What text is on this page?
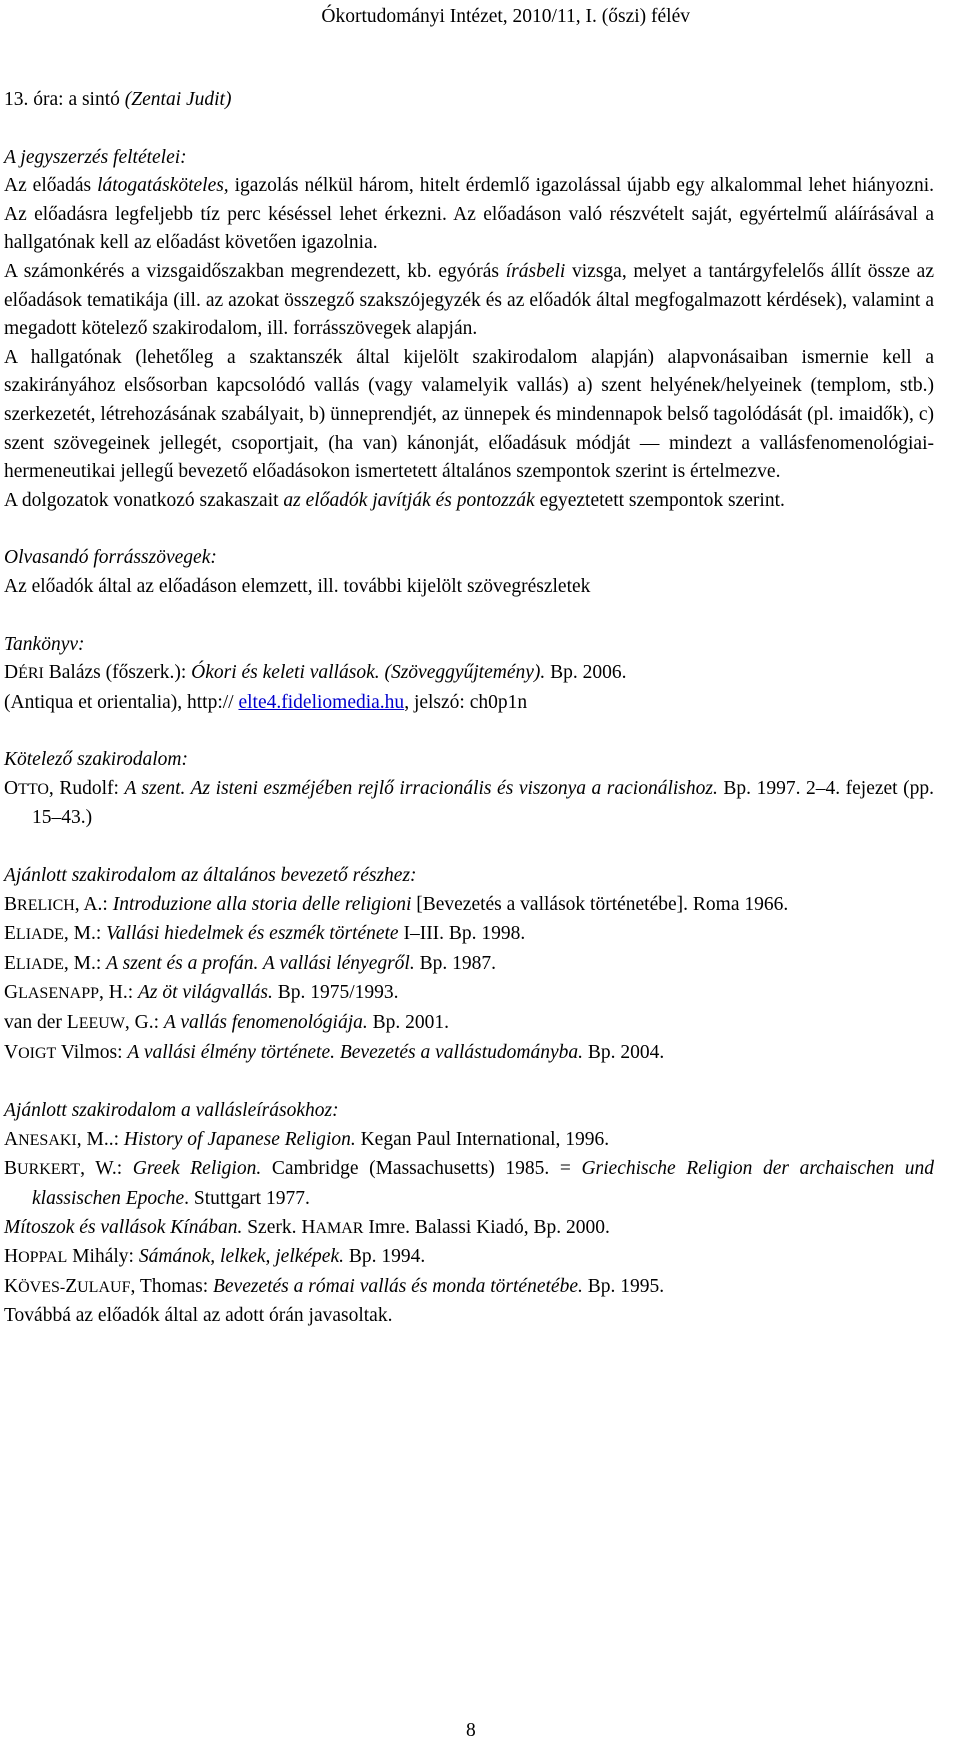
Ókortudományi Intézet, 2010/11, I. (őszi) félév

13. óra: a sintó (Zentai Judit)

A jegyszerzés feltételei:

Az előadás látogatásköteles, igazolás nélkül három, hitelt érdemlő igazolással újabb egy alkalommal lehet hiányozni. Az előadásra legfeljebb tíz perc késéssel lehet érkezni. Az előadáson való részvételt saját, egyértelmű aláírásával a hallgatónak kell az előadást követően igazolnia.

A számonkérés a vizsgaidőszakban megrendezett, kb. egyórás írásbeli vizsga, melyet a tantárgyfelelős állít össze az előadások tematikája (ill. az azokat összegző szakszójegyzék és az előadók által megfogalmazott kérdések), valamint a megadott kötelező szakirodalom, ill. forrásszövegek alapján.

A hallgatónak (lehetőleg a szaktanszék által kijelölt szakirodalom alapján) alapvonásaiban ismernie kell a szakirányához elsősorban kapcsolódó vallás (vagy valamelyik vallás) a) szent helyének/helyeinek (templom, stb.) szerkezetét, létrehozásának szabályait, b) ünneprendjét, az ünnepek és mindennapok belső tagolódását (pl. imaidők), c) szent szövegeinek jellegét, csoportjait, (ha van) kánonját, előadásuk módját — mindezt a vallásfenomenológiai-hermeneutikai jellegű bevezető előadásokon ismertetett általános szempontok szerint is értelmezve.

A dolgozatok vonatkozó szakaszait az előadók javítják és pontozzák egyeztetett szempontok szerint.

Olvasandó forrásszövegek:

Az előadók által az előadáson elemzett, ill. további kijelölt szövegrészletek

Tankönyv:

DÉRI Balázs (főszerk.): Ókori és keleti vallások. (Szöveggyűjtemény). Bp. 2006.

(Antiqua et orientalia), http:// elte4.fideliomedia.hu, jelszó: ch0p1n

Kötelező szakirodalom:

OTTO, Rudolf: A szent. Az isteni eszméjében rejlő irracionális és viszonya a racionálishoz. Bp. 1997. 2–4. fejezet (pp. 15–43.)

Ajánlott szakirodalom az általános bevezető részhez:

BRELICH, A.: Introduzione alla storia delle religioni [Bevezetés a vallások történetébe]. Roma 1966.

ELIADE, M.: Vallási hiedelmek és eszmék története I–III. Bp. 1998.

ELIADE, M.: A szent és a profán. A vallási lényegről. Bp. 1987.

GLASENAPP, H.: Az öt világvallás. Bp. 1975/1993.

van der LEEUW, G.: A vallás fenomenológiája. Bp. 2001.

VOIGT Vilmos: A vallási élmény története. Bevezetés a vallástudományba. Bp. 2004.

Ajánlott szakirodalom a vallásleírásokhoz:

ANESAKI, M..: History of Japanese Religion. Kegan Paul International, 1996.

BURKERT, W.: Greek Religion. Cambridge (Massachusetts) 1985. = Griechische Religion der archaischen und klassischen Epoche. Stuttgart 1977.

Mítoszok és vallások Kínában. Szerk. HAMAR Imre. Balassi Kiadó, Bp. 2000.

HOPPAL Mihály: Sámánok, lelkek, jelképek. Bp. 1994.

KÖVES-ZULAUF, Thomas: Bevezetés a római vallás és monda történetébe. Bp. 1995.

Továbbá az előadók által az adott órán javasoltak.

8
